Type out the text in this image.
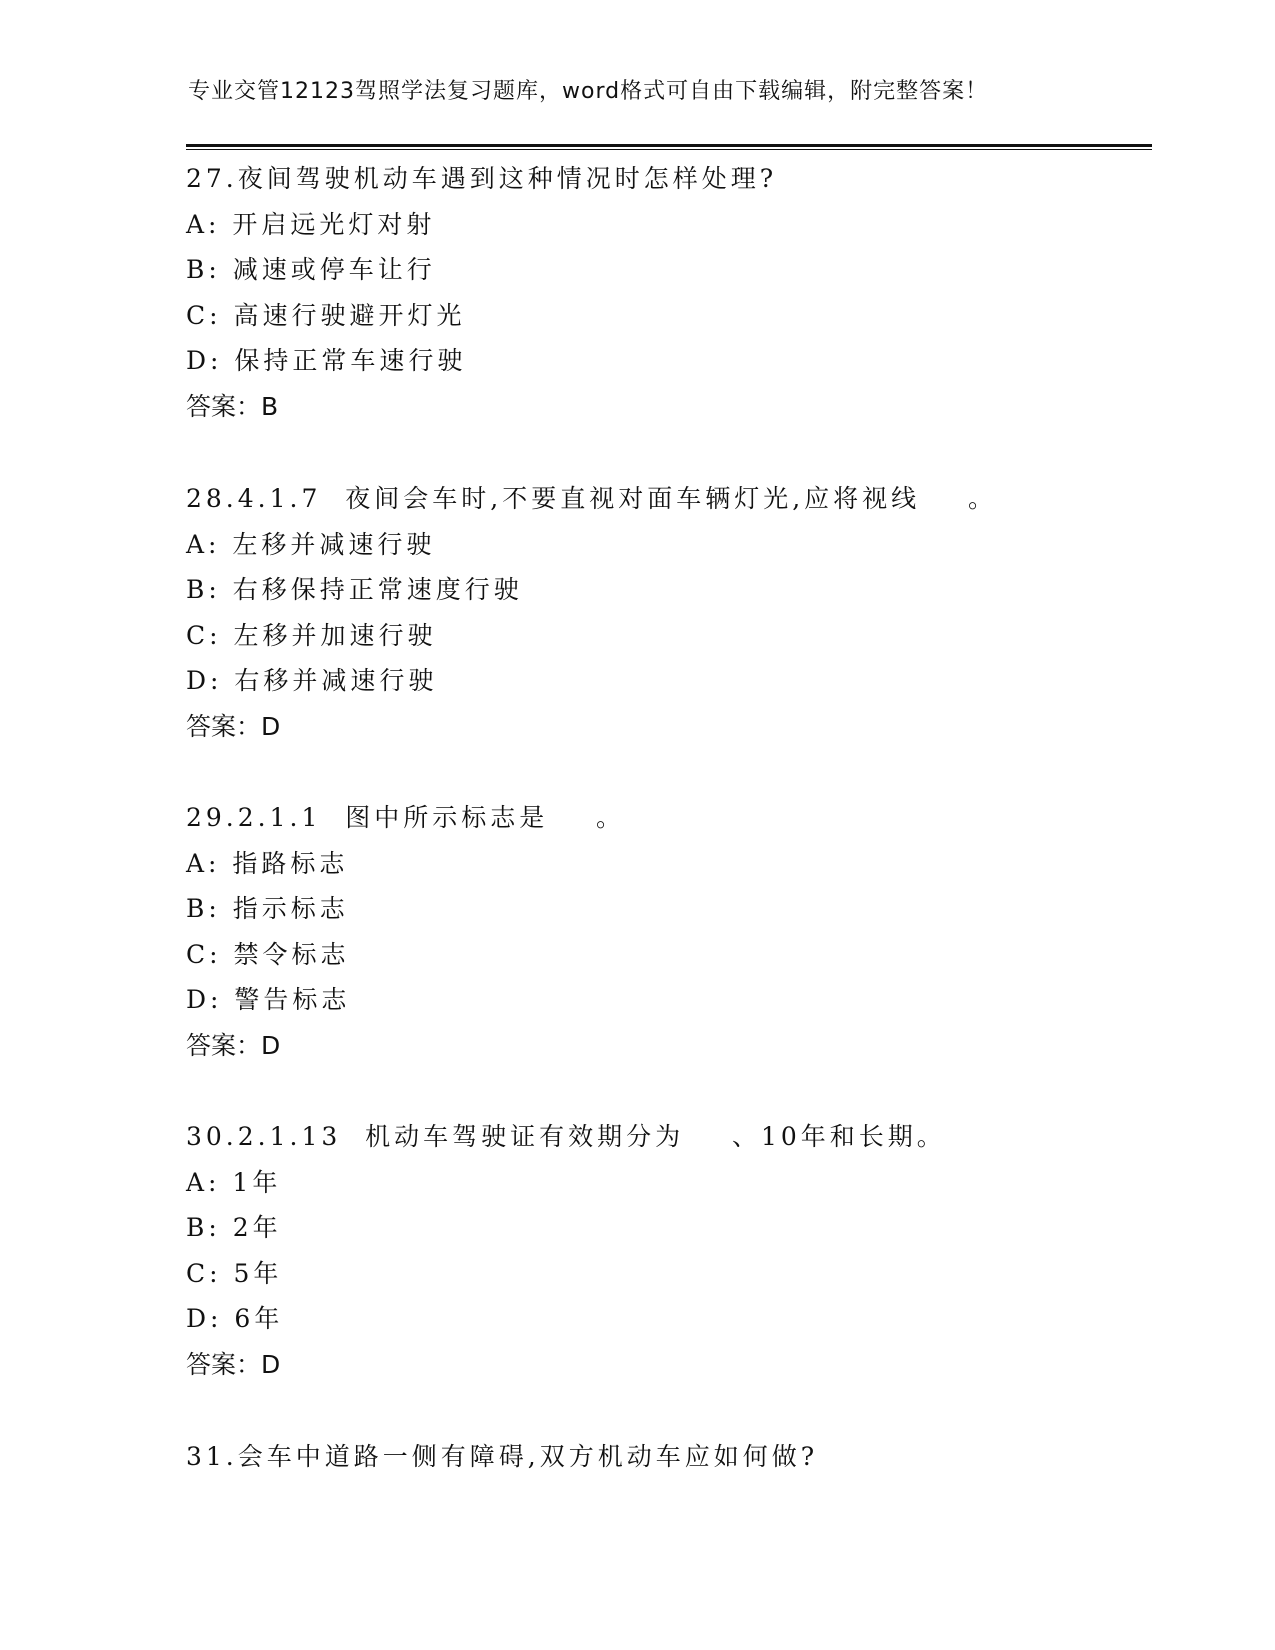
专业交管12123驾照学法复习题库，word格式可自由下载编辑，附完整答案！
27.夜间驾驶机动车遇到这种情况时怎样处理?
A: 开启远光灯对射
B: 减速或停车让行
C: 高速行驶避开灯光
D: 保持正常车速行驶
答案：B
28.4.1.7  夜间会车时,不要直视对面车辆灯光,应将视线    。
A: 左移并减速行驶
B: 右移保持正常速度行驶
C: 左移并加速行驶
D: 右移并减速行驶
答案：D
29.2.1.1  图中所示标志是    。
A: 指路标志
B: 指示标志
C: 禁令标志
D: 警告标志
答案：D
30.2.1.13  机动车驾驶证有效期分为    、10年和长期。
A: 1年
B: 2年
C: 5年
D: 6年
答案：D
31.会车中道路一侧有障碍,双方机动车应如何做?
